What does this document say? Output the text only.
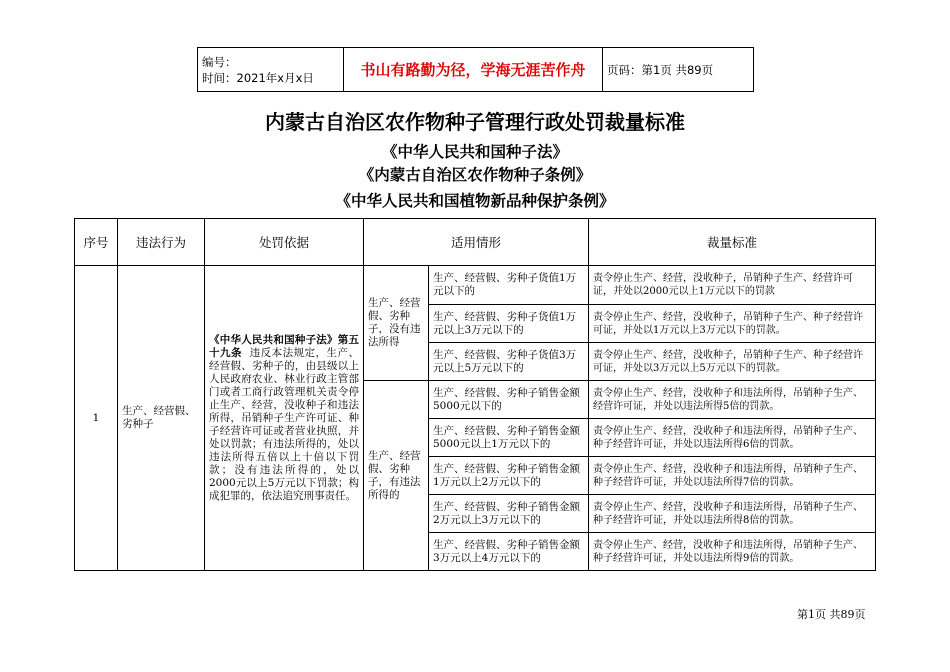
编号：
时间：2021年x月x日	书山有路勤为径，学海无涯苦作舟	页码：第1页 共89页
内蒙古自治区农作物种子管理行政处罚裁量标准
《中华人民共和国种子法》
《内蒙古自治区农作物种子条例》
《中华人民共和国植物新品种保护条例》
序号	违法行为	处罚依据	适用情形		裁量标准
1	生产、经营假、劣种子	《中华人民共和国种子法》第五十九条 违反本法规定，生产、经营假、劣种子的，由县级以上人民政府农业、林业行政主管部门或者工商行政管理机关责令停止生产、经营，没收种子和违法所得，吊销种子生产许可证、种子经营许可证或者营业执照，并处以罚款；有违法所得的，处以违法所得五倍以上十倍以下罚款；没有违法所得的，处以2000元以上5万元以下罚款；构成犯罪的，依法追究刑事责任。	生产、经营假、劣种子，没有违法所得	生产、经营假、劣种子货值1万元以下的	责令停止生产、经营，没收种子，吊销种子生产、经营许可证，并处以2000元以上1万元以下的罚款
				生产、经营假、劣种子货值1万元以上3万元以下的	责令停止生产、经营，没收种子，吊销种子生产、种子经营许可证，并处以1万元以上3万元以下的罚款。
				生产、经营假、劣种子货值3万元以上5万元以下的	责令停止生产、经营，没收种子，吊销种子生产、种子经营许可证，并处以3万元以上5万元以下的罚款。
			生产、经营假、劣种子，有违法所得的	生产、经营假、劣种子销售金额5000元以下的	责令停止生产、经营，没收种子和违法所得，吊销种子生产、经营许可证，并处以违法所得5倍的罚款。
				生产、经营假、劣种子销售金额5000元以上1万元以下的	责令停止生产、经营，没收种子和违法所得，吊销种子生产、种子经营许可证，并处以违法所得6倍的罚款。
				生产、经营假、劣种子销售金额1万元以上2万元以下的	责令停止生产、经营，没收种子和违法所得，吊销种子生产、种子经营许可证，并处以违法所得7倍的罚款。
				生产、经营假、劣种子销售金额2万元以上3万元以下的	责令停止生产、经营，没收种子和违法所得，吊销种子生产、种子经营许可证，并处以违法所得8倍的罚款。
				生产、经营假、劣种子销售金额3万元以上4万元以下的	责令停止生产、经营，没收种子和违法所得，吊销种子生产、种子经营许可证，并处以违法所得9倍的罚款。
第1页 共89页
